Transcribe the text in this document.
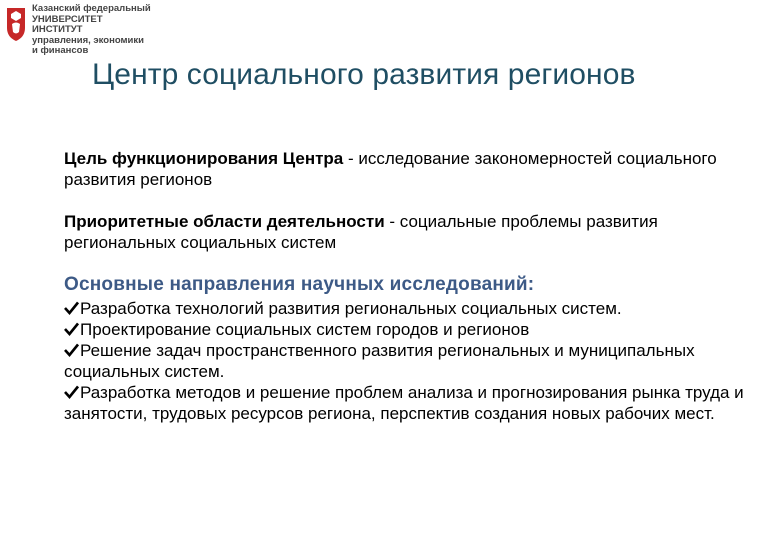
Казанский федеральный
УНИВЕРСИТЕТ
ИНСТИТУТ
управления, экономики
и финансов
Центр социального развития регионов

Цель функционирования Центра - исследование закономерностей социального развития регионов

Приоритетные области деятельности - социальные проблемы развития региональных социальных систем

Основные направления научных исследований:
Разработка технологий развития региональных социальных систем.
Проектирование социальных систем городов и регионов
Решение задач пространственного развития региональных и муниципальных социальных систем.
Разработка методов и решение проблем анализа и прогнозирования рынка труда и занятости, трудовых ресурсов региона, перспектив создания новых рабочих мест.
